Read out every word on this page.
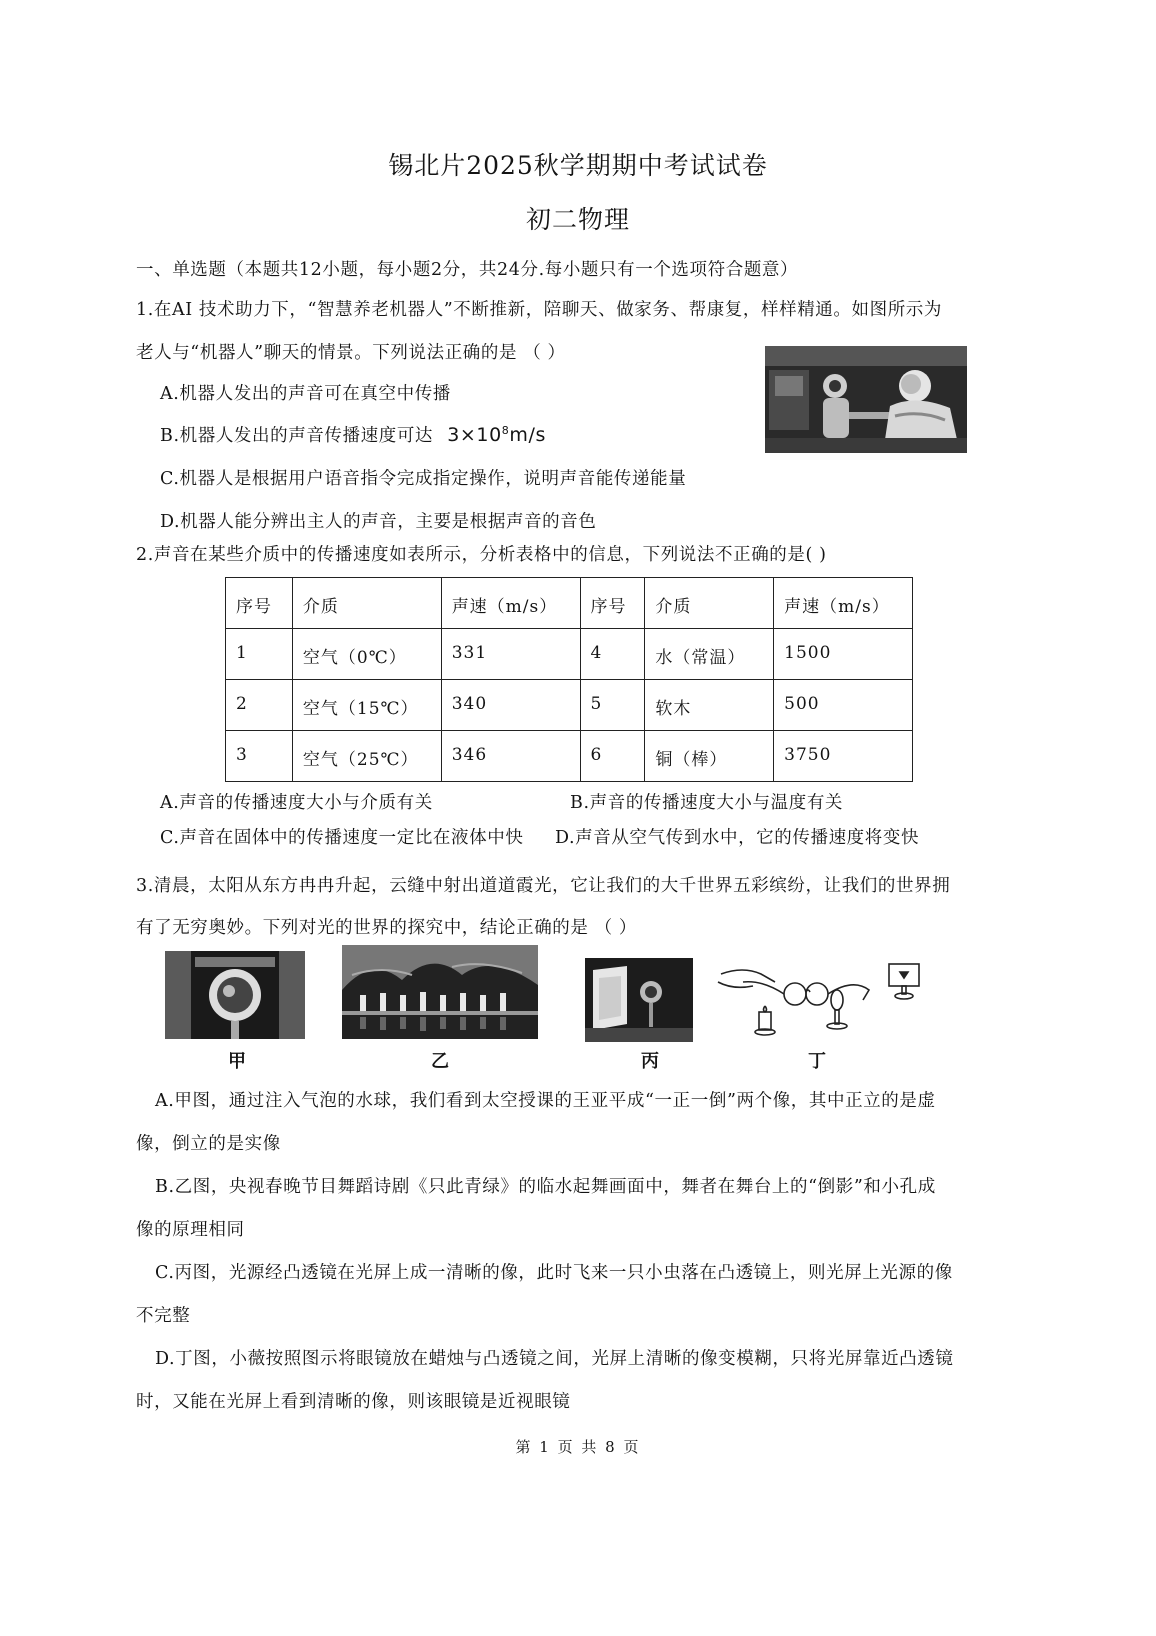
锡北片2025秋学期期中考试试卷
初二物理
一、单选题（本题共12小题，每小题2分，共24分.每小题只有一个选项符合题意）
1.在AI 技术助力下，“智慧养老机器人”不断推新，陪聊天、做家务、帮康复，样样精通。如图所示为
老人与“机器人”聊天的情景。下列说法正确的是 （ ）
A.机器人发出的声音可在真空中传播
B.机器人发出的声音传播速度可达 $3\times 10^8m/s$
C.机器人是根据用户语音指令完成指定操作，说明声音能传递能量
D.机器人能分辨出主人的声音，主要是根据声音的音色
2.声音在某些介质中的传播速度如表所示，分析表格中的信息，下列说法不正确的是( )
序号	介质	声速（m/s）	序号	介质	声速（m/s）
1	空气（0℃）	331	4	水（常温）	1500
2	空气（15℃）	340	5	软木	500
3	空气（25℃）	346	6	铜（棒）	3750
A.声音的传播速度大小与介质有关	B.声音的传播速度大小与温度有关
C.声音在固体中的传播速度一定比在液体中快 D.声音从空气传到水中，它的传播速度将变快
3.清晨，太阳从东方冉冉升起，云缝中射出道道霞光，它让我们的大千世界五彩缤纷，让我们的世界拥
有了无穷奥妙。下列对光的世界的探究中，结论正确的是 （ ）
甲	乙	丙	丁
A.甲图，通过注入气泡的水球，我们看到太空授课的王亚平成“一正一倒”两个像，其中正立的是虚
像，倒立的是实像
B.乙图，央视春晚节目舞蹈诗剧《只此青绿》的临水起舞画面中，舞者在舞台上的“倒影”和小孔成
像的原理相同
C.丙图，光源经凸透镜在光屏上成一清晰的像，此时飞来一只小虫落在凸透镜上，则光屏上光源的像
不完整
D.丁图，小薇按照图示将眼镜放在蜡烛与凸透镜之间，光屏上清晰的像变模糊，只将光屏靠近凸透镜
时，又能在光屏上看到清晰的像，则该眼镜是近视眼镜
第 1 页 共 8 页
